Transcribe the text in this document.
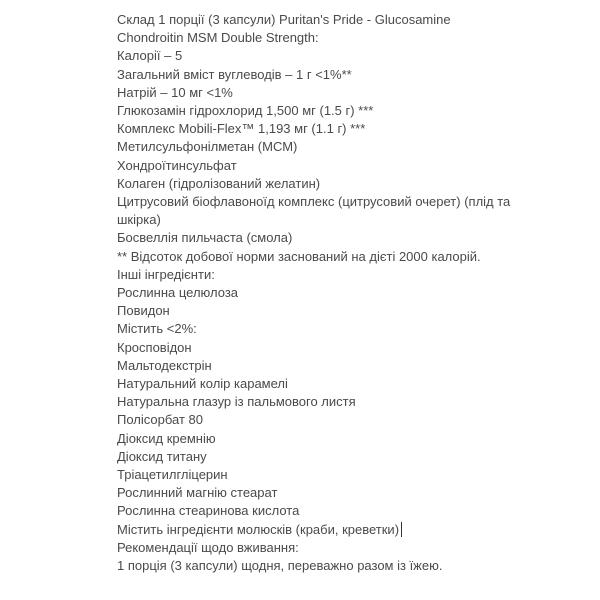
Склад 1 порції (3 капсули) Puritan's Pride - Glucosamine Chondroitin MSM Double Strength:
Калорії – 5
Загальний вміст вуглеводів – 1 г <1%**
Натрій – 10 мг <1%
Глюкозамін гідрохлорид 1,500 мг (1.5 г) ***
Комплекс Mobili-Flex™ 1,193 мг (1.1 г) ***
Метилсульфонілметан (МСМ)
Хондроїтинсульфат
Колаген (гідролізований желатин)
Цитрусовий біофлавоноїд комплекс (цитрусовий очерет) (плід та шкірка)
Босвеллія пильчаста (смола)
** Відсоток добової норми заснований на дієті 2000 калорій.
Інші інгредієнти:
Рослинна целюлоза
Повидон
Містить <2%:
Кросповідон
Мальтодекстрін
Натуральний колір карамелі
Натуральна глазур із пальмового листя
Полісорбат 80
Діоксид кремнію
Діоксид титану
Тріацетилгліцерин
Рослинний магнію стеарат
Рослинна стеаринова кислота
Містить інгредієнти молюсків (краби, креветки)
Рекомендації щодо вживання:
1 порція (3 капсули) щодня, переважно разом із їжею.
